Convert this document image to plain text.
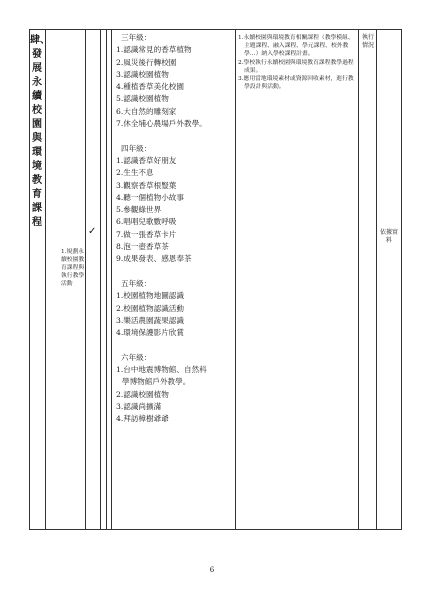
肆、發展永續校園與環境教育課程
1.規劃永續校園教育課程與執行教學活動
✓
三年級：
1.認識常見的香草植物
2.風災後行轉校園
3.認識校園植物
4.種植香草美化校園
5.認識校園植物
6.大自然的雕刻家
7.休全埔心農場戶外教學。
四年級：
1.認識香草好朋友
2.生生不息
3.觀察香草根豎葉
4.聽一個植物小故事
5.參觀綠世界
6.唱唱兒歌數呼吸
7.做一張香草卡片
8.泡一壺香草茶
9.成果發表、感恩奉茶
五年級：
1.校園植物地圖認識
2.校園植物認識活動
3.樂活農園蔬果認識
4.環境保護影片欣賞
六年級：
1.台中地震博物館、自然科
學博物館戶外教學。
2.認識校園植物
3.認識尚擴滿
4.拜訪樟樹爺爺
1.永續校園與環境教育相關課程（教學模組、主題課程、融入課程、學元課程、校外教學…）納入學校課程計畫。
2.學校執行永續校園與環境教育課程教學過程成果。
3.應用當地環境素材或資源回收素材，進行教學設計與活動。
執行情況
依據實料
6
